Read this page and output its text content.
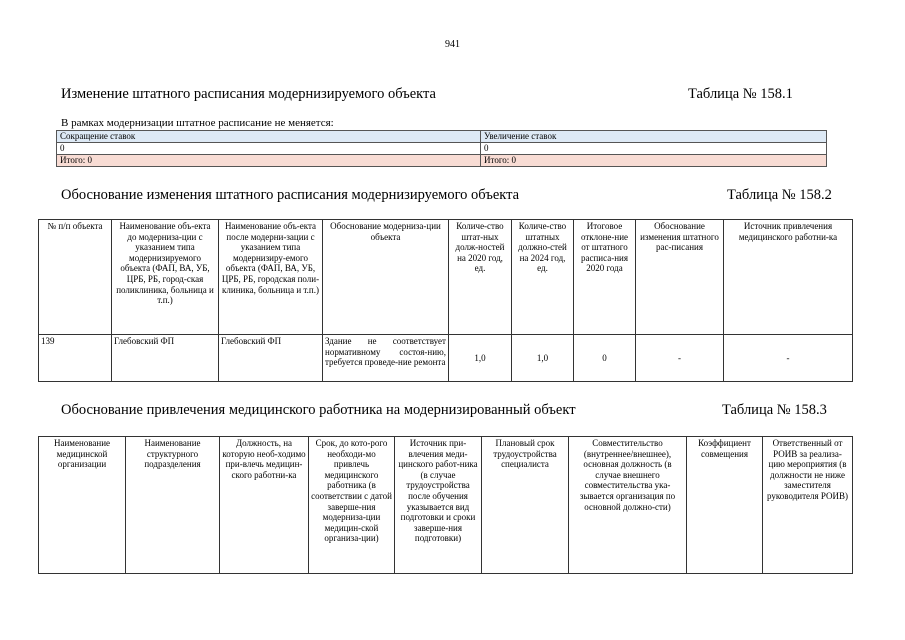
941
Изменение штатного расписания модернизируемого объекта	Таблица № 158.1
В рамках модернизации штатное расписание не меняется:
Сокращение ставок	Увеличение ставок
0	0
Итого: 0	Итого: 0
Обоснование изменения штатного расписания модернизируемого объекта	Таблица № 158.2
№ п/п объекта	Наименование объ-екта до модерниза-ции с указанием типа модернизируемого объекта (ФАП, ВА, УБ, ЦРБ, РБ, город-ская поликлиника, больница и т.п.)	Наименование объ-екта после модерни-зации с указанием типа модернизиру-емого объекта (ФАП, ВА, УБ, ЦРБ, РБ, городская поли-клиника, больница и т.п.)	Обоснование модерниза-ции объекта	Количе-ство штат-ных долж-ностей на 2020 год, ед.	Количе-ство штатных должно-стей на 2024 год, ед.	Итоговое отклоне-ние от штатного расписа-ния 2020 года	Обоснование изменения штатного рас-писания	Источник привлечения медицинского работни-ка
139	Глебовский ФП	Глебовский ФП	Здание не соответствует нормативному состоя-нию, требуется проведе-ние ремонта	1,0	1,0	0	-	-
Обоснование привлечения медицинского работника на модернизированный объект	Таблица № 158.3
Наименование медицинской организации	Наименование структурного подразделения	Должность, на которую необ-ходимо при-влечь медицин-ского работни-ка	Срок, до кото-рого необходи-мо привлечь медицинского работника (в соответствии с датой заверше-ния модерниза-ции медицин-ской организа-ции)	Источник при-влечения меди-цинского работ-ника (в случае трудоустройства после обучения указывается вид подготовки и сроки заверше-ния подготовки)	Плановый срок трудоустройства специалиста	Совместительство (внутреннее/внешнее), основная должность (в случае внешнего совместительства ука-зывается организация по основной должно-сти)	Коэффициент совмещения	Ответственный от РОИВ за реализа-цию мероприятия (в должности не ниже заместителя руководителя РОИВ)
